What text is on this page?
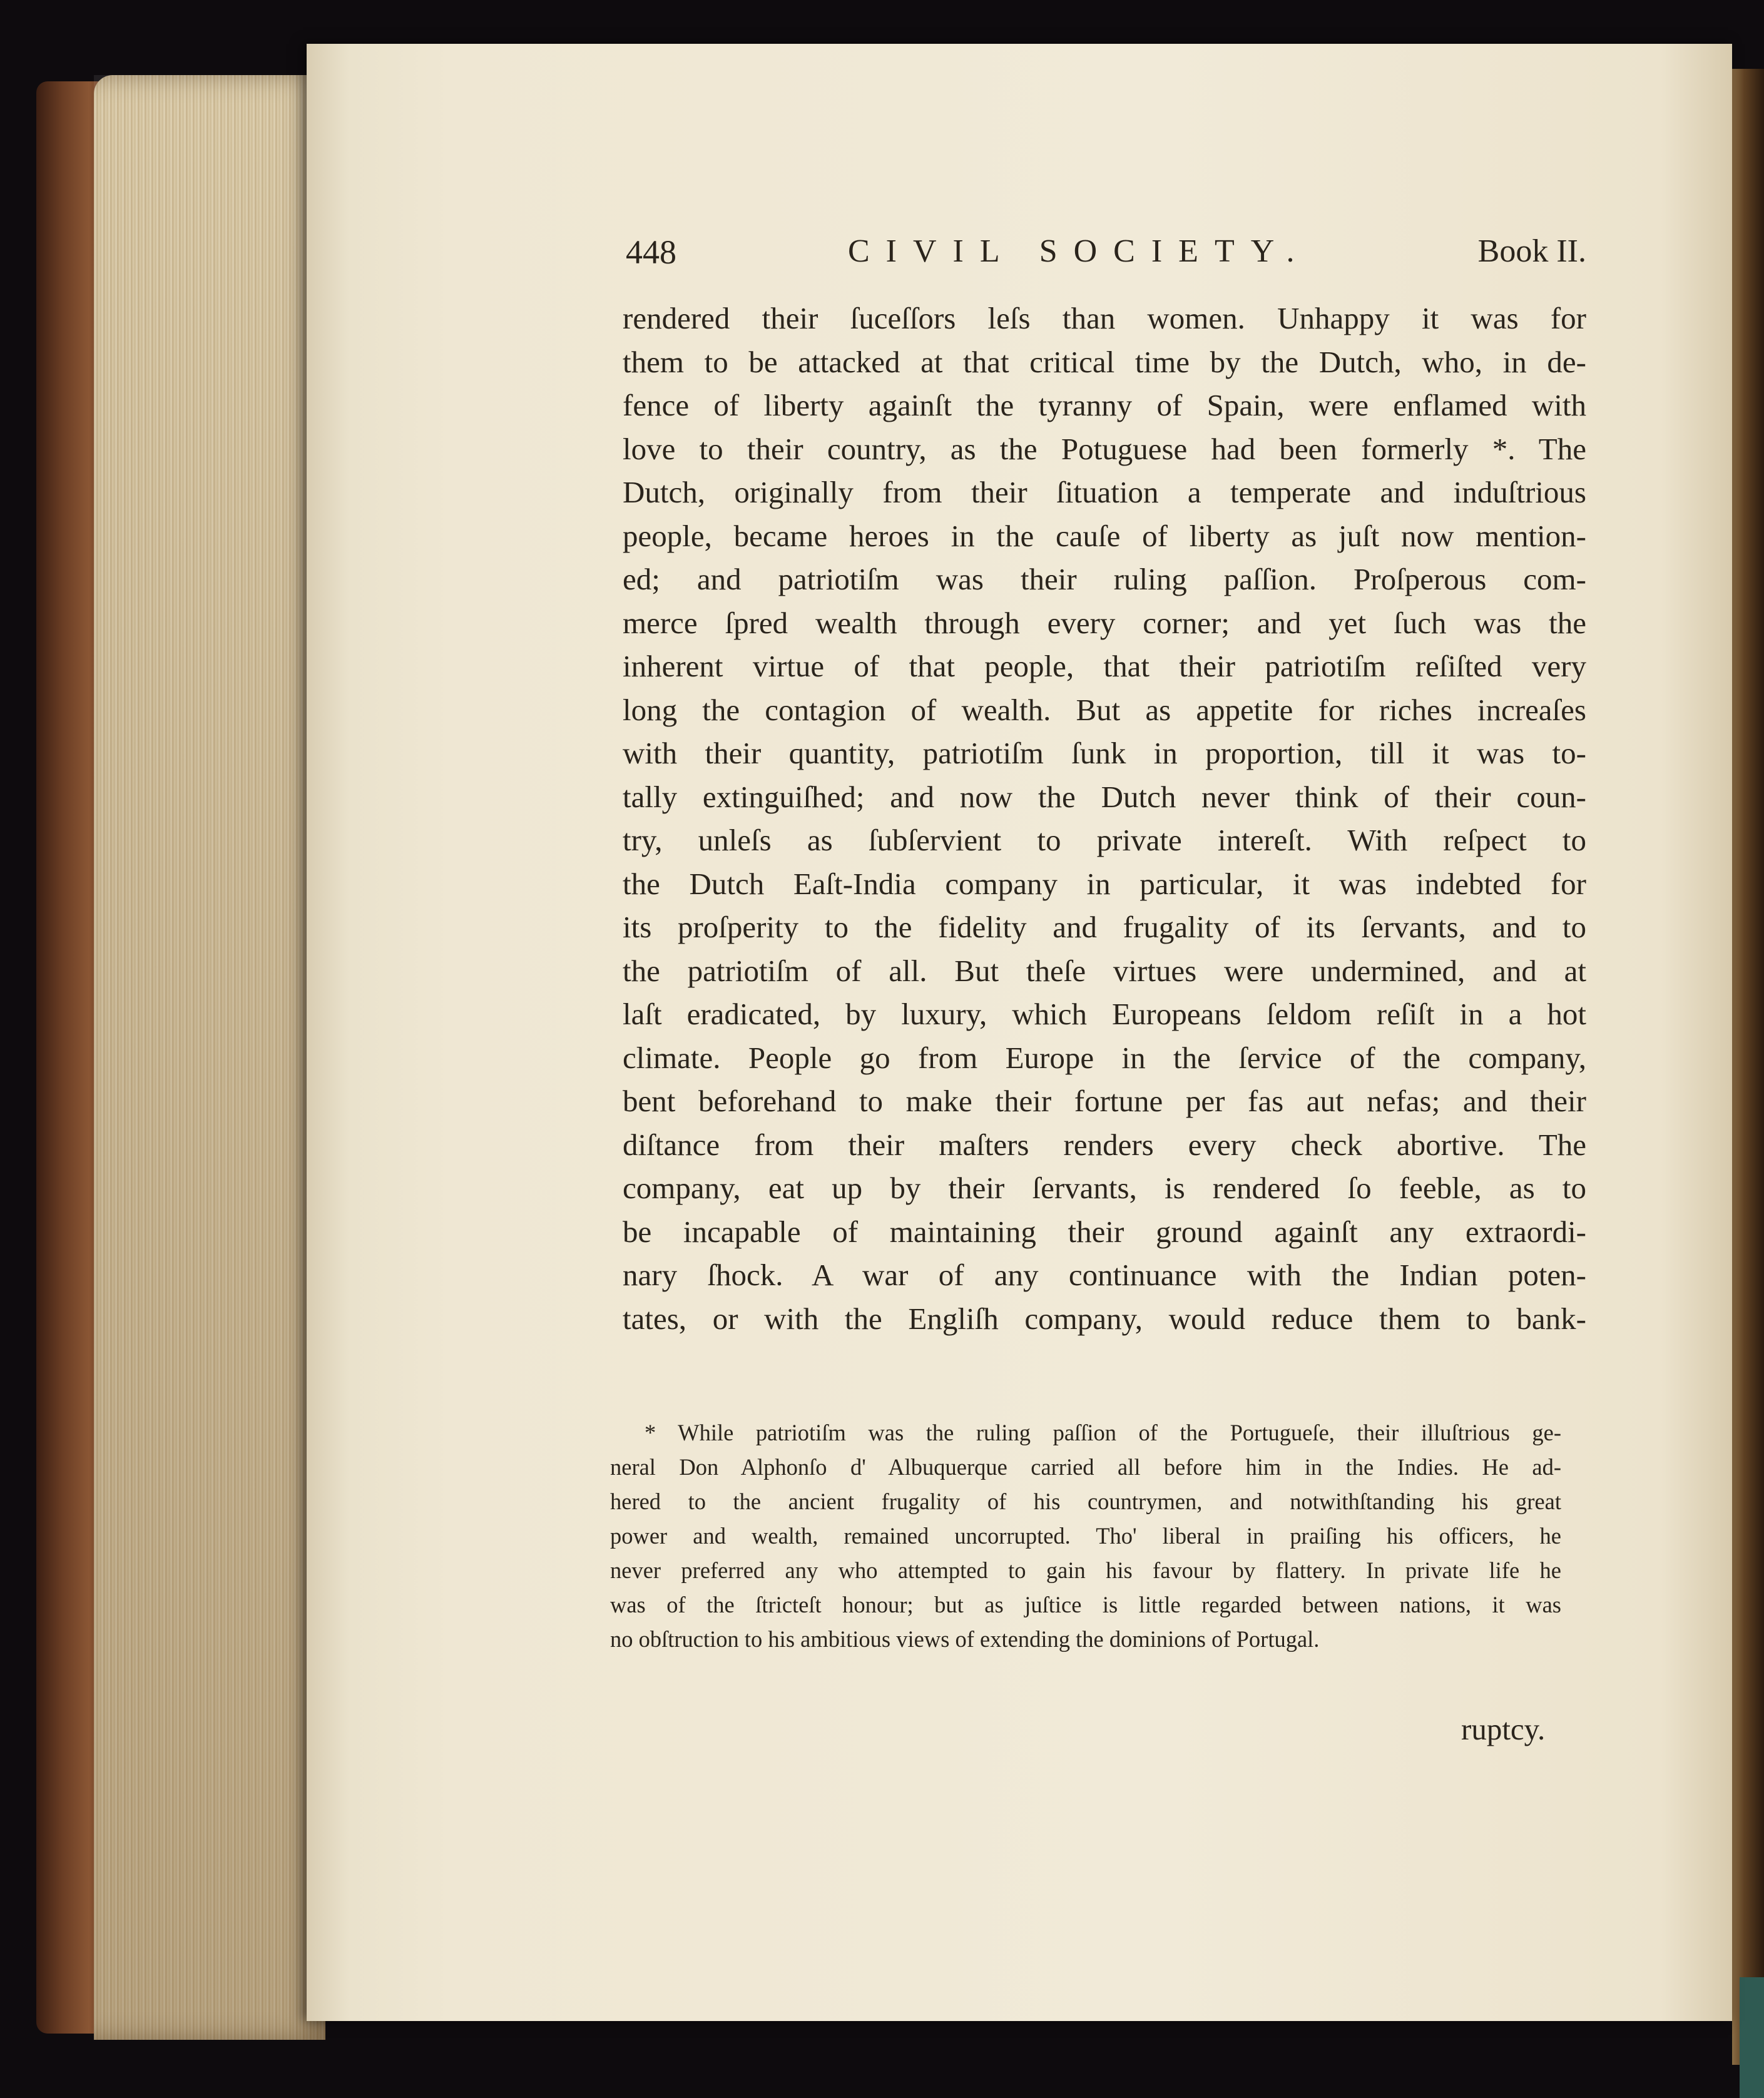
448	CIVIL SOCIETY.	Book II.
rendered their ſuceſſors leſs than women. Unhappy it was for
them to be attacked at that critical time by the Dutch, who, in de-
fence of liberty againſt the tyranny of Spain, were enflamed with
love to their country, as the Potuguese had been formerly *. The
Dutch, originally from their ſituation a temperate and induſtrious
people, became heroes in the cauſe of liberty as juſt now mention-
ed; and patriotiſm was their ruling paſſion. Proſperous com-
merce ſpred wealth through every corner; and yet ſuch was the
inherent virtue of that people, that their patriotiſm reſiſted very
long the contagion of wealth. But as appetite for riches increaſes
with their quantity, patriotiſm ſunk in proportion, till it was to-
tally extinguiſhed; and now the Dutch never think of their coun-
try, unleſs as ſubſervient to private intereſt. With reſpect to
the Dutch Eaſt-India company in particular, it was indebted for
its proſperity to the fidelity and frugality of its ſervants, and to
the patriotiſm of all. But theſe virtues were undermined, and at
laſt eradicated, by luxury, which Europeans ſeldom reſiſt in a hot
climate. People go from Europe in the ſervice of the company,
bent beforehand to make their fortune per fas aut nefas; and their
diſtance from their maſters renders every check abortive. The
company, eat up by their ſervants, is rendered ſo feeble, as to
be incapable of maintaining their ground againſt any extraordi-
nary ſhock. A war of any continuance with the Indian poten-
tates, or with the Engliſh company, would reduce them to bank-
* While patriotiſm was the ruling paſſion of the Portugueſe, their illuſtrious ge-
neral Don Alphonſo d' Albuquerque carried all before him in the Indies. He ad-
hered to the ancient frugality of his countrymen, and notwithſtanding his great
power and wealth, remained uncorrupted. Tho' liberal in praiſing his officers, he
never preferred any who attempted to gain his favour by flattery. In private life he
was of the ſtricteſt honour; but as juſtice is little regarded between nations, it was
no obſtruction to his ambitious views of extending the dominions of Portugal.
ruptcy.
